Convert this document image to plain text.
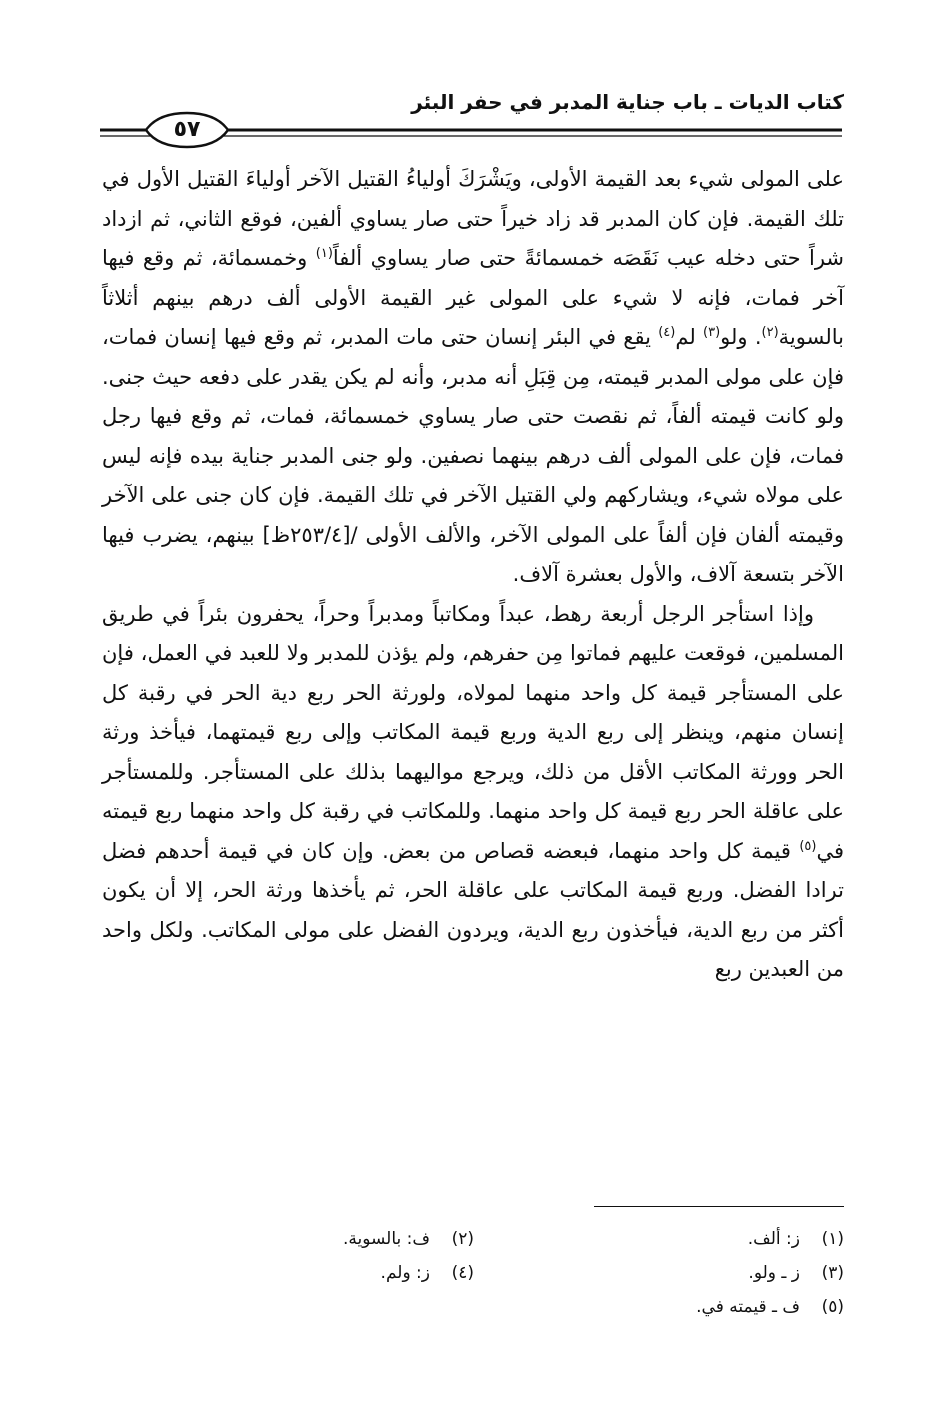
كتاب الديات ـ باب جناية المدبر في حفر البئر
٥٧

على المولى شيء بعد القيمة الأولى، ويَشْرَكَ أولياءُ القتيل الآخر أولياءَ القتيل الأول في تلك القيمة. فإن كان المدبر قد زاد خيراً حتى صار يساوي ألفين، فوقع الثاني، ثم ازداد شراً حتى دخله عيب نَقَصَه خمسمائةً حتى صار يساوي ألفاً$^{(١)}$ وخمسمائة، ثم وقع فيها آخر فمات، فإنه لا شيء على المولى غير القيمة الأولى ألف درهم بينهم أثلاثاً بالسوية$^{(٢)}$. ولو$^{(٣)}$ لم$^{(٤)}$ يقع في البئر إنسان حتى مات المدبر، ثم وقع فيها إنسان فمات، فإن على مولى المدبر قيمته، مِن قِبَلِ أنه مدبر، وأنه لم يكن يقدر على دفعه حيث جنى. ولو كانت قيمته ألفاً، ثم نقصت حتى صار يساوي خمسمائة، فمات، ثم وقع فيها رجل فمات، فإن على المولى ألف درهم بينهما نصفين. ولو جنى المدبر جناية بيده فإنه ليس على مولاه شيء، ويشاركهم ولي القتيل الآخر في تلك القيمة. فإن كان جنى على الآخر وقيمته ألفان فإن ألفاً على المولى الآخر، والألف الأولى /[٢٥٣/٤ظ] بينهم، يضرب فيها الآخر بتسعة آلاف، والأول بعشرة آلاف.

وإذا استأجر الرجل أربعة رهط، عبداً ومكاتباً ومدبراً وحراً، يحفرون بئراً في طريق المسلمين، فوقعت عليهم فماتوا مِن حفرهم، ولم يؤذن للمدبر ولا للعبد في العمل، فإن على المستأجر قيمة كل واحد منهما لمولاه، ولورثة الحر ربع دية الحر في رقبة كل إنسان منهم، وينظر إلى ربع الدية وربع قيمة المكاتب وإلى ربع قيمتهما، فيأخذ ورثة الحر وورثة المكاتب الأقل من ذلك، ويرجع مواليهما بذلك على المستأجر. وللمستأجر على عاقلة الحر ربع قيمة كل واحد منهما. وللمكاتب في رقبة كل واحد منهما ربع قيمته في$^{(٥)}$ قيمة كل واحد منهما، فبعضه قصاص من بعض. وإن كان في قيمة أحدهم فضل ترادا الفضل. وربع قيمة المكاتب على عاقلة الحر، ثم يأخذها ورثة الحر، إلا أن يكون أكثر من ربع الدية، فيأخذون ربع الدية، ويردون الفضل على مولى المكاتب. ولكل واحد من العبدين ربع

(١)ز: ألف.
(٢)ف: بالسوية.
(٣)ز ـ ولو.
(٤)ز: ولم.
(٥)ف ـ قيمته في.
